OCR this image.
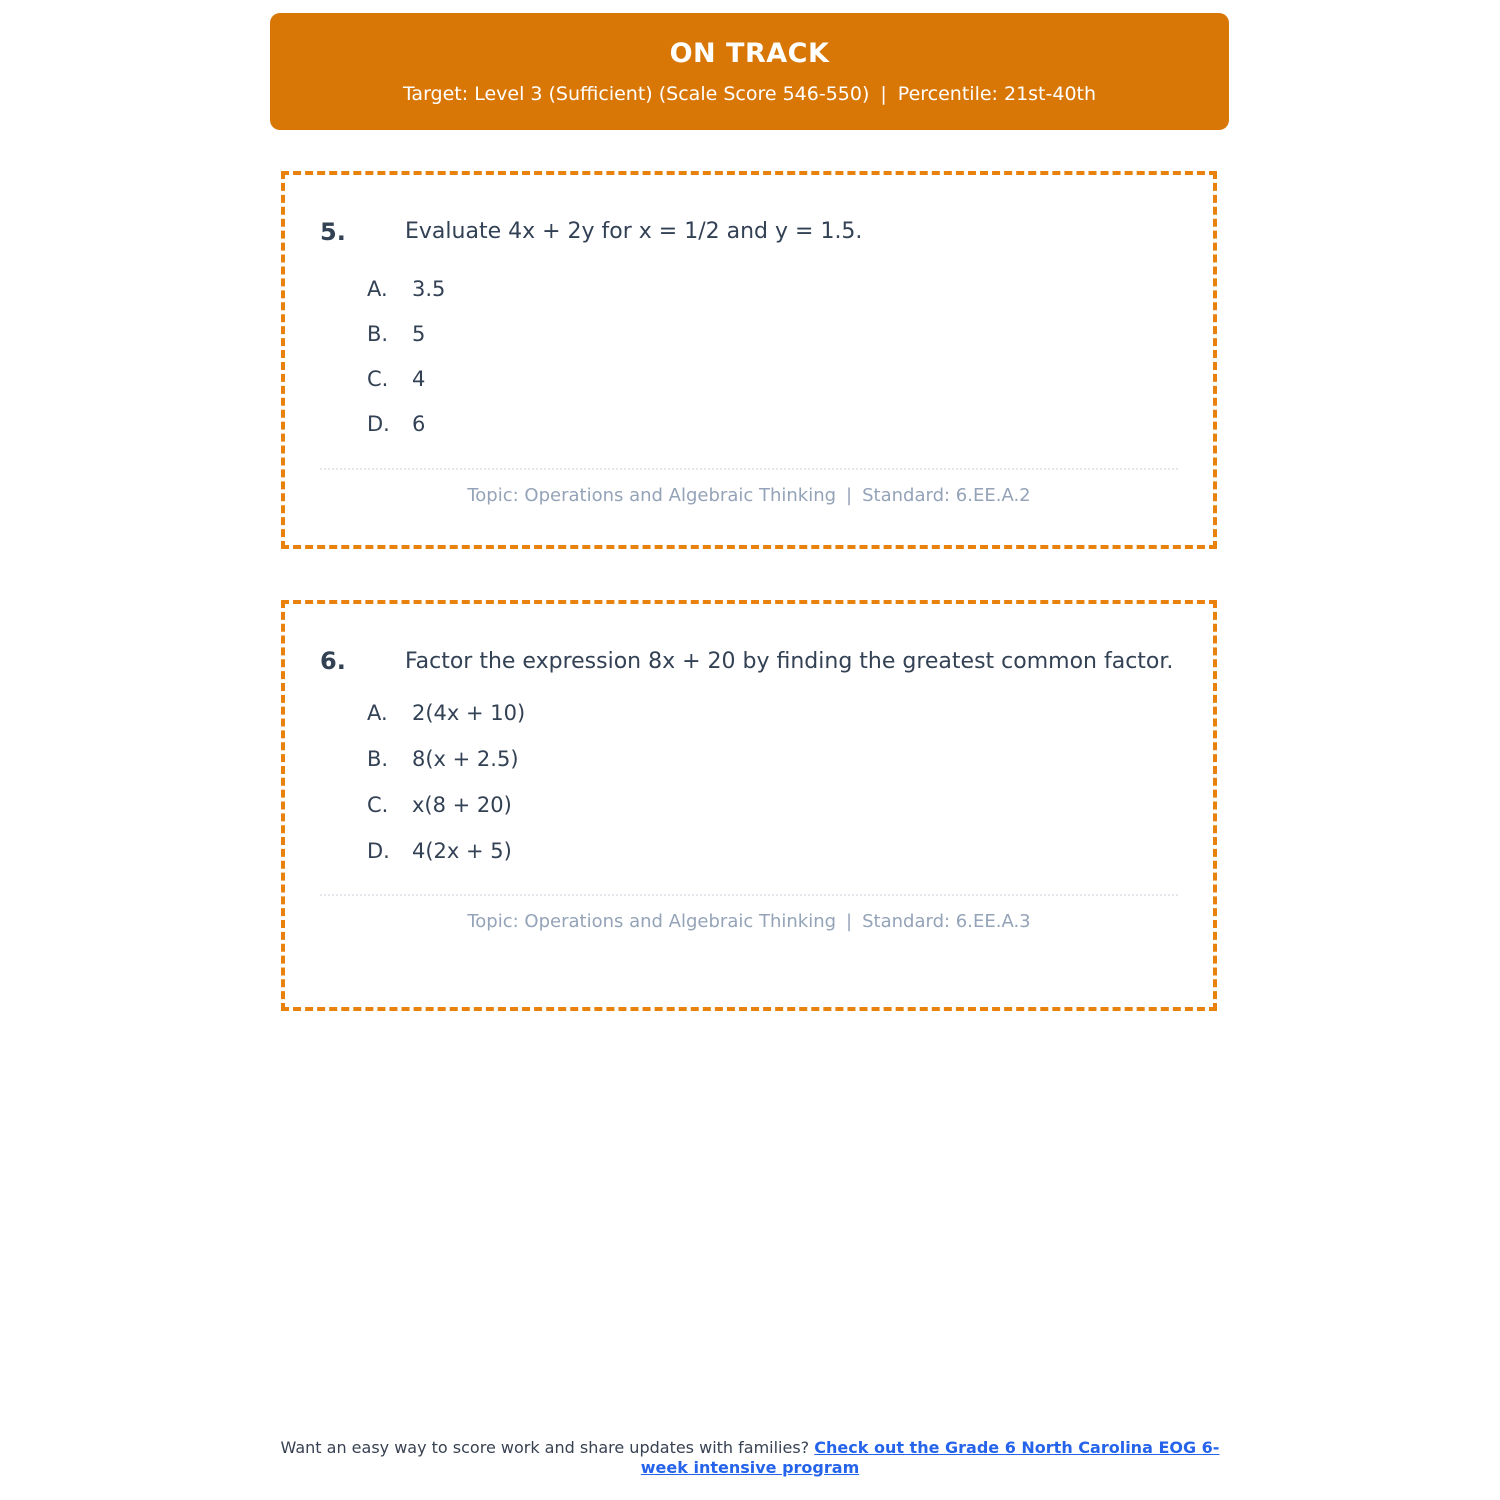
ON TRACK
Target: Level 3 (Sufficient) (Scale Score 546-550) | Percentile: 21st-40th
5.	Evaluate 4x + 2y for x = 1/2 and y = 1.5.
A.	3.5
B.	5
C.	4
D.	6
Topic: Operations and Algebraic Thinking | Standard: 6.EE.A.2
6.	Factor the expression 8x + 20 by finding the greatest common factor.
A.	2(4x + 10)
B.	8(x + 2.5)
C.	x(8 + 20)
D.	4(2x + 5)
Topic: Operations and Algebraic Thinking | Standard: 6.EE.A.3
Want an easy way to score work and share updates with families? Check out the Grade 6 North Carolina EOG 6-week intensive program
